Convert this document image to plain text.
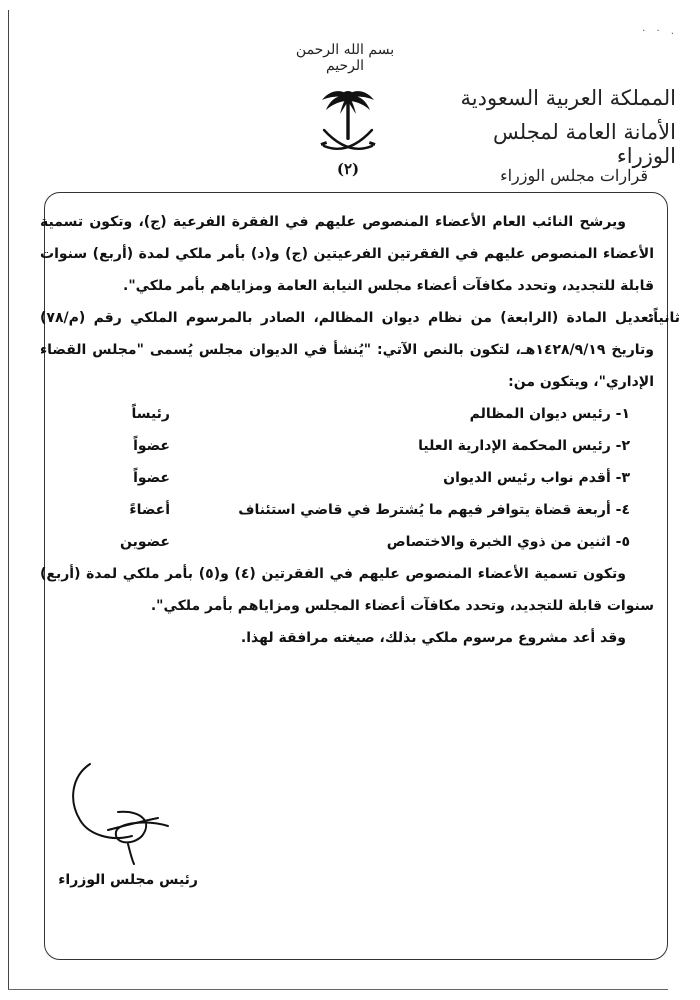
· · .
بسم الله الرحمن الرحيم
(٢)
المملكة العربية السعودية
الأمانة العامة لمجلس الوزراء
قرارات مجلس الوزراء

ويرشح النائب العام الأعضاء المنصوص عليهم في الفقرة الفرعية (ج)، وتكون تسمية الأعضاء المنصوص عليهم في الفقرتين الفرعيتين (ج) و(د) بأمر ملكي لمدة (أربع) سنوات قابلة للتجديد، وتحدد مكافآت أعضاء مجلس النيابة العامة ومزاياهم بأمر ملكي".

ثانياً:

تعديل المادة (الرابعة) من نظام ديوان المظالم، الصادر بالمرسوم الملكي رقم (م/٧٨) وتاريخ ١٤٢٨/٩/١٩هـ، لتكون بالنص الآتي: "يُنشأ في الديوان مجلس يُسمى "مجلس القضاء الإداري"، ويتكون من:

١- رئيس ديوان المظالم
رئيساً
٢- رئيس المحكمة الإدارية العليا
عضواً
٣- أقدم نواب رئيس الديوان
عضواً
٤- أربعة قضاة يتوافر فيهم ما يُشترط في قاضي استئناف
أعضاءً
٥- اثنين من ذوي الخبرة والاختصاص
عضوين

وتكون تسمية الأعضاء المنصوص عليهم في الفقرتين (٤) و(٥) بأمر ملكي لمدة (أربع) سنوات قابلة للتجديد، وتحدد مكافآت أعضاء المجلس ومزاياهم بأمر ملكي".

وقد أعد مشروع مرسوم ملكي بذلك، صيغته مرافقة لهذا.

رئيس مجلس الوزراء
